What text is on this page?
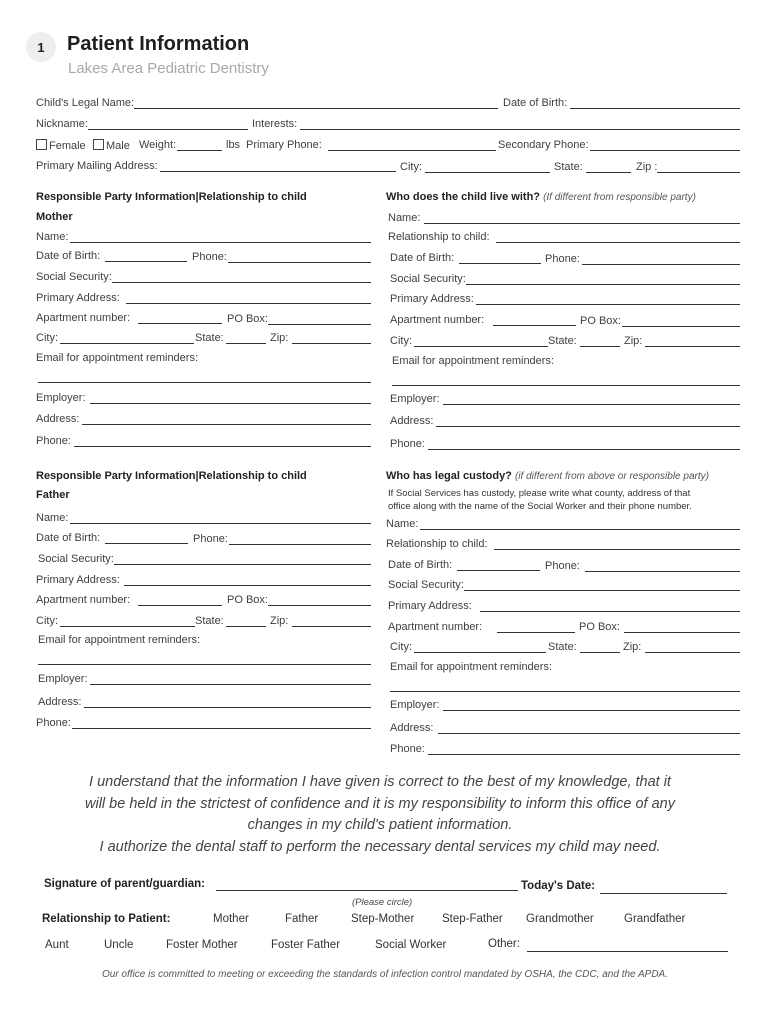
1	Patient Information
Lakes Area Pediatric Dentistry
Child's Legal Name:	Date of Birth:
Nickname:	Interests:
Female	Male Weight:	lbs Primary Phone:	Secondary Phone:
Primary Mailing Address:	City:	State:	Zip :
Responsible Party Information|Relationship to child
Mother
Name:
Date of Birth:	Phone:
Social Security:
Primary Address:
Apartment number:	PO Box:
City:	State:	Zip:
Email for appointment reminders:
Employer:
Address:
Phone:
Who does the child live with? (If different from responsible party)
Name:
Relationship to child:
Date of Birth:	Phone:
Social Security:
Primary Address:
Apartment number:	PO Box:
City:	State:	Zip:
Email for appointment reminders:
Employer:
Address:
Phone:
Responsible Party Information|Relationship to child
Father
Name:
Date of Birth:	Phone:
Social Security:
Primary Address:
Apartment number:	PO Box:
City:	State:	Zip:
Email for appointment reminders:
Employer:
Address:
Phone:
Who has legal custody? (if different from above or responsible party)
If Social Services has custody, please write what county, address of that
office along with the name of the Social Worker and their phone number.
Name:
Relationship to child:
Date of Birth:	Phone:
Social Security:
Primary Address:
Apartment number:	PO Box:
City:	State:	Zip:
Email for appointment reminders:
Employer:
Address:
Phone:
I understand that the information I have given is correct to the best of my knowledge, that it
will be held in the strictest of confidence and it is my responsibility to inform this office of any
changes in my child's patient information.
I authorize the dental staff to perform the necessary dental services my child may need.
Signature of parent/guardian:	Today's Date:
(Please circle)
Relationship to Patient:	Mother	Father	Step-Mother Step-Father Grandmother	Grandfather
Aunt	Uncle	Foster Mother	Foster Father	Social Worker	Other:
Our office is committed to meeting or exceeding the standards of infection control mandated by OSHA, the CDC, and the APDA.
